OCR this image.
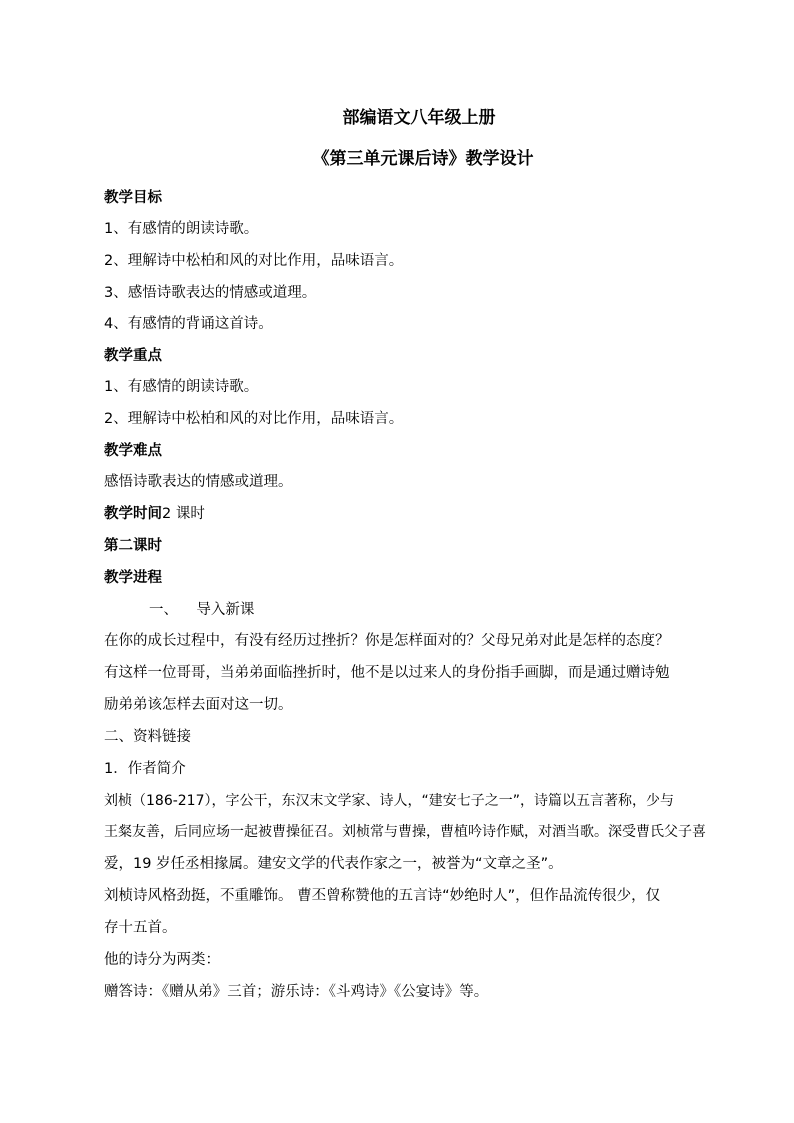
部编语文八年级上册
《第三单元课后诗》教学设计
教学目标
1、有感情的朗读诗歌。
2、理解诗中松柏和风的对比作用，品味语言。
3、感悟诗歌表达的情感或道理。
4、有感情的背诵这首诗。
教学重点
1、有感情的朗读诗歌。
2、理解诗中松柏和风的对比作用，品味语言。
教学难点
感悟诗歌表达的情感或道理。
教学时间2 课时
第二课时
教学进程
一、    导入新课
在你的成长过程中，有没有经历过挫折？你是怎样面对的？父母兄弟对此是怎样的态度？
有这样一位哥哥，当弟弟面临挫折时，他不是以过来人的身份指手画脚，而是通过赠诗勉
励弟弟该怎样去面对这一切。
二、资料链接
1．作者简介
刘桢（186-217），字公干，东汉末文学家、诗人，“建安七子之一”，诗篇以五言著称，少与
王粲友善，后同应场一起被曹操征召。刘桢常与曹操，曹植吟诗作赋，对酒当歌。深受曹氏父子喜
爱，19 岁任丞相掾属。建安文学的代表作家之一，被誉为“文章之圣”。
刘桢诗风格劲挺，不重雕饰。 曹丕曾称赞他的五言诗“妙绝时人”，但作品流传很少，仅
存十五首。
他的诗分为两类：
赠答诗：《赠从弟》三首；游乐诗：《斗鸡诗》《公宴诗》等。
